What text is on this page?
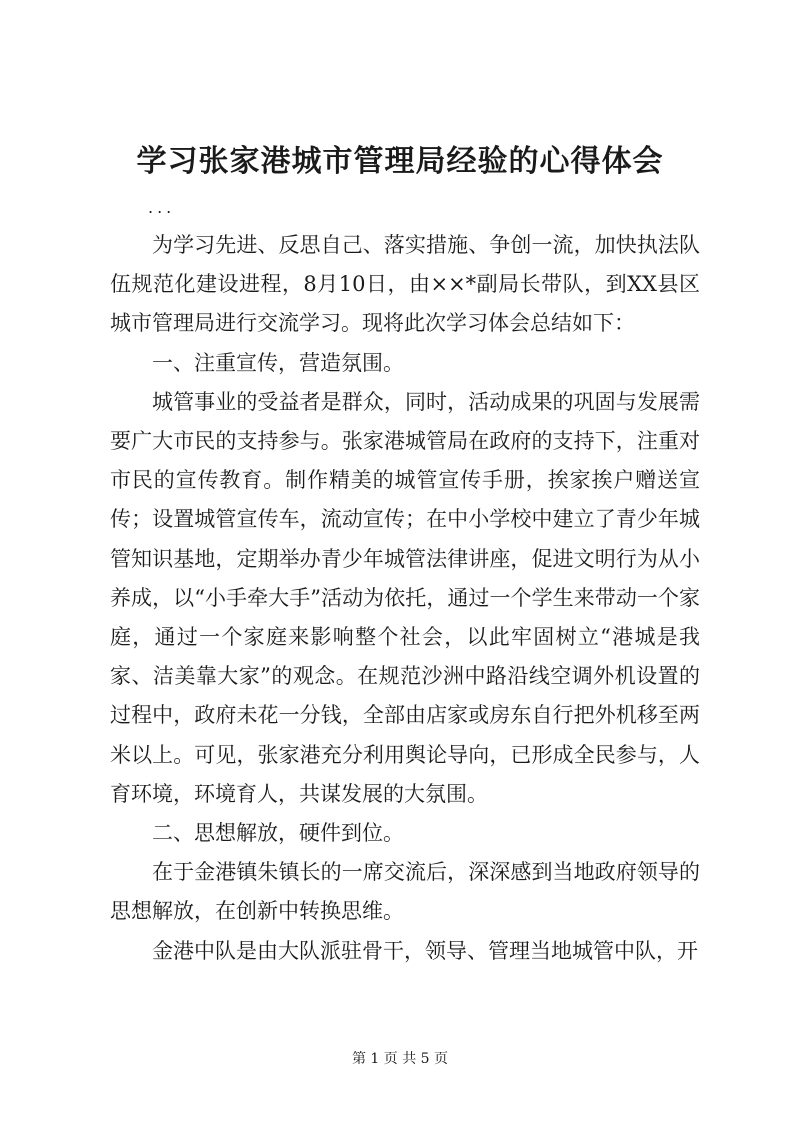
学习张家港城市管理局经验的心得体会
...

为学习先进、反思自己、落实措施、争创一流，加快执法队伍规范化建设进程，8月10日，由××*副局长带队，到XX县区城市管理局进行交流学习。现将此次学习体会总结如下：

一、注重宣传，营造氛围。

城管事业的受益者是群众，同时，活动成果的巩固与发展需要广大市民的支持参与。张家港城管局在政府的支持下，注重对市民的宣传教育。制作精美的城管宣传手册，挨家挨户赠送宣传；设置城管宣传车，流动宣传；在中小学校中建立了青少年城管知识基地，定期举办青少年城管法律讲座，促进文明行为从小养成，以“小手牵大手”活动为依托，通过一个学生来带动一个家庭，通过一个家庭来影响整个社会，以此牢固树立“港城是我家、洁美靠大家”的观念。在规范沙洲中路沿线空调外机设置的过程中，政府未花一分钱，全部由店家或房东自行把外机移至两米以上。可见，张家港充分利用舆论导向，已形成全民参与，人育环境，环境育人，共谋发展的大氛围。

二、思想解放，硬件到位。

在于金港镇朱镇长的一席交流后，深深感到当地政府领导的思想解放，在创新中转换思维。

金港中队是由大队派驻骨干，领导、管理当地城管中队，开

第 1 页 共 5 页
